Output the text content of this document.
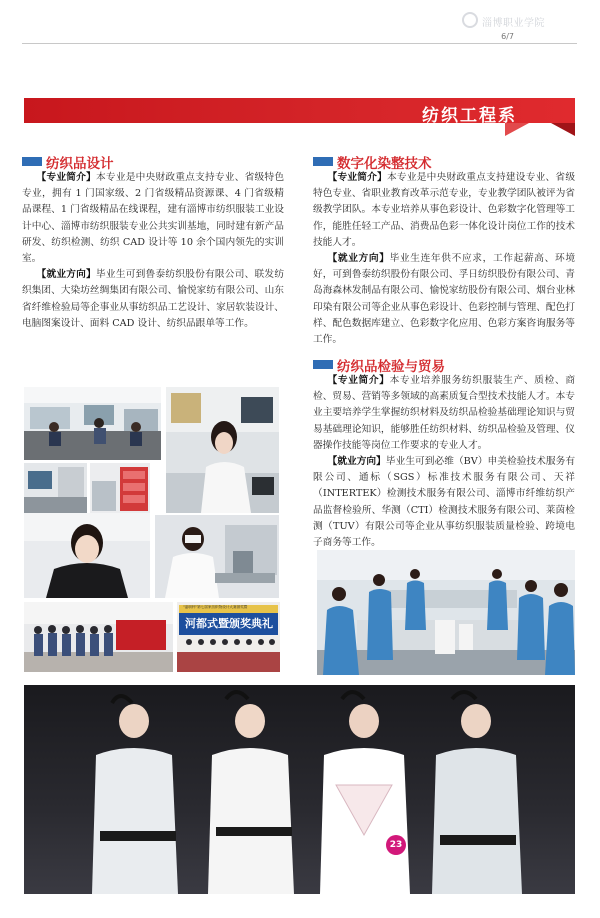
淄博职业学院
6/7
纺织工程系
纺织品设计

【专业简介】本专业是中央财政重点支持专业、省级特色专业，拥有 1 门国家级、2 门省级精品资源课、4 门省级精品课程、1 门省级精品在线课程，建有淄博市纺织服装工业设计中心、淄博市纺织服装专业公共实训基地，同时建有新产品研发、纺织检测、纺织 CAD 设计等 10 余个国内领先的实训室。

【就业方向】毕业生可到鲁泰纺织股份有限公司、联发纺织集团、大染坊丝绸集团有限公司、愉悦家纺有限公司、山东省纤维检验局等企事业从事纺织品工艺设计、家居软装设计、电脑图案设计、面料 CAD 设计、纺织品跟单等工作。

数字化染整技术

【专业简介】本专业是中央财政重点支持建设专业、省级特色专业、省职业教育改革示范专业，专业教学团队被评为省级教学团队。本专业培养从事色彩设计、色彩数字化管理等工作，能胜任轻工产品、消费品色彩一体化设计岗位工作的技术技能人才。

【就业方向】毕业生连年供不应求，工作起薪高、环境好，可到鲁泰纺织股份有限公司、孚日纺织股份有限公司、青岛海森林发制品有限公司、愉悦家纺股份有限公司、烟台业林印染有限公司等企业从事色彩设计、色彩控制与管理、配色打样、配色数据库建立、色彩数字化应用、色彩方案咨询服务等工作。

纺织品检验与贸易

【专业简介】本专业培养服务纺织服装生产、质检、商检、贸易、营销等多领域的高素质复合型技术技能人才。本专业主要培养学生掌握纺织材料及纺织品检验基础理论知识与贸易基础理论知识，能够胜任纺织材料、纺织品检验及管理、仪器操作技能等岗位工作要求的专业人才。

【就业方向】毕业生可到必维（BV）申美检验技术服务有限公司、通标（SGS）标准技术服务有限公司、天祥（INTERTEK）检测技术服务有限公司、淄博市纤维纺织产品监督检验所、华测（CTI）检测技术服务有限公司、莱茵检测（TUV）有限公司等企业从事纺织服装质量检验、跨境电子商务等工作。

"淄职杯"第七届家纺织物设计大赛颁奖暨
河都式暨颁奖典礼
23
